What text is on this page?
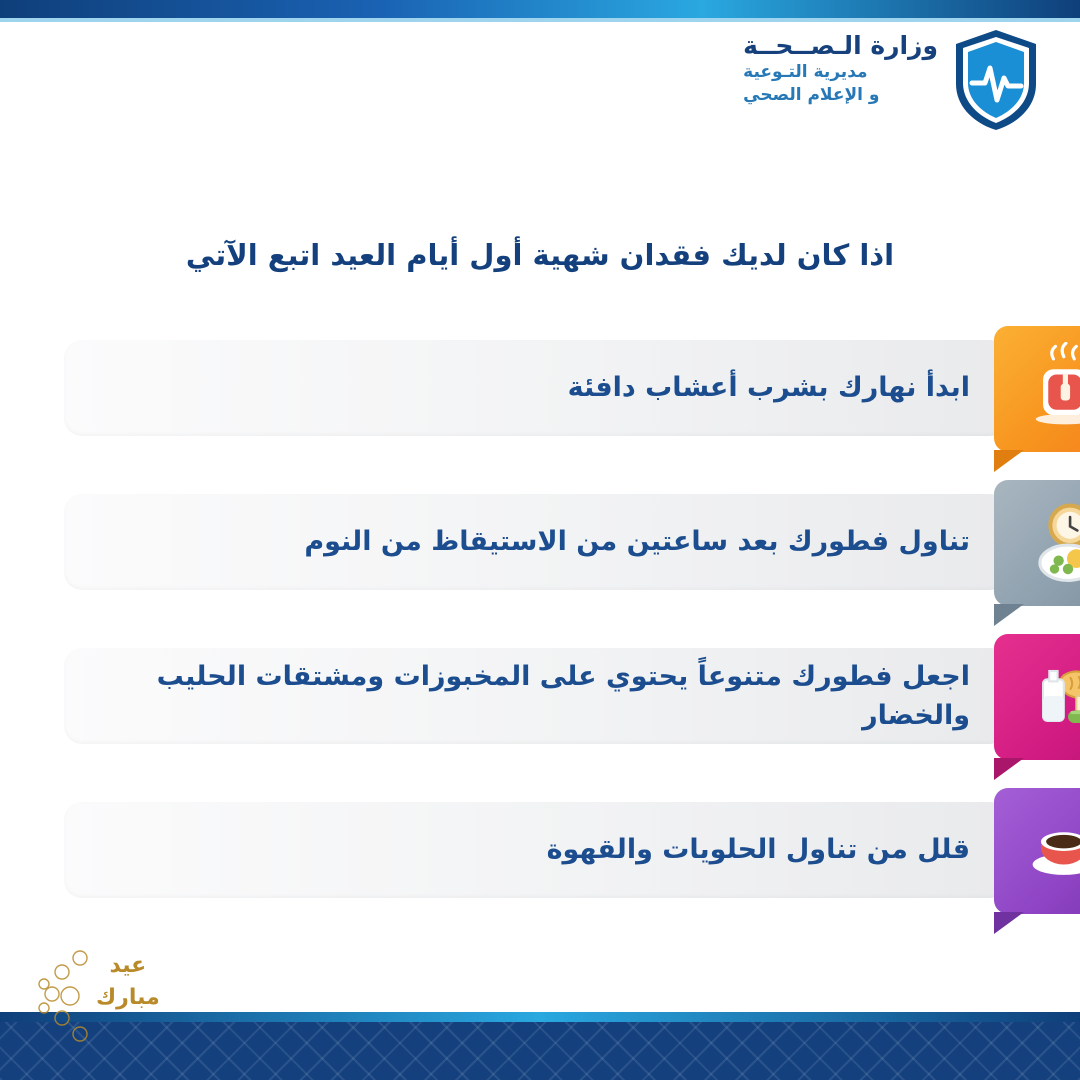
وزارة الـصــحــة
مديرية التـوعية
و الإعلام الصحي
اذا كان لديك فقدان شهية أول أيام العيد اتبع الآتي
ابدأ نهارك بشرب أعشاب دافئة
تناول فطورك بعد ساعتين من الاستيقاظ من النوم
اجعل فطورك متنوعاً يحتوي على المخبوزات ومشتقات الحليب والخضار
قلل من تناول الحلويات والقهوة
عيد
مبارك
